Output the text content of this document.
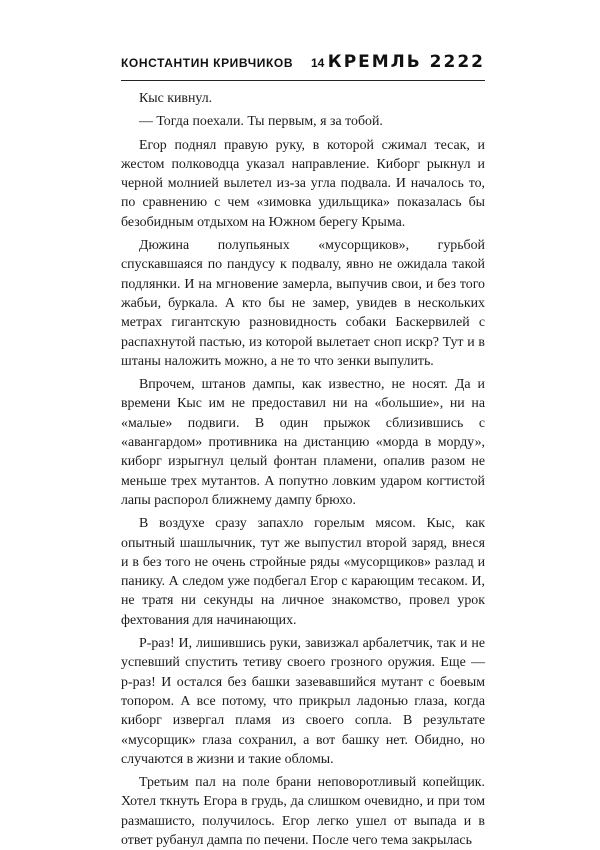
КОНСТАНТИН КРИВЧИКОВ 14 КРЕМЛЬ 2222

Кыс кивнул.

— Тогда поехали. Ты первым, я за тобой.

Егор поднял правую руку, в которой сжимал тесак, и жестом полководца указал направление. Киборг рыкнул и черной молнией вылетел из-за угла подвала. И началось то, по сравнению с чем «зимовка удильщика» показалась бы безобидным отдыхом на Южном берегу Крыма.

Дюжина полупьяных «мусорщиков», гурьбой спускавшаяся по пандусу к подвалу, явно не ожидала такой подлянки. И на мгновение замерла, выпучив свои, и без того жабьи, буркала. А кто бы не замер, увидев в нескольких метрах гигантскую разновидность собаки Баскервилей с распахнутой пастью, из которой вылетает сноп искр? Тут и в штаны наложить можно, а не то что зенки выпулить.

Впрочем, штанов дампы, как известно, не носят. Да и времени Кыс им не предоставил ни на «большие», ни на «малые» подвиги. В один прыжок сблизившись с «авангардом» противника на дистанцию «морда в морду», киборг изрыгнул целый фонтан пламени, опалив разом не меньше трех мутантов. А попутно ловким ударом когтистой лапы распорол ближнему дампу брюхо.

В воздухе сразу запахло горелым мясом. Кыс, как опытный шашлычник, тут же выпустил второй заряд, внеся и в без того не очень стройные ряды «мусорщиков» разлад и панику. А следом уже подбегал Егор с карающим тесаком. И, не тратя ни секунды на личное знакомство, провел урок фехтования для начинающих.

Р-раз! И, лишившись руки, завизжал арбалетчик, так и не успевший спустить тетиву своего грозного оружия. Еще — р-раз! И остался без башки зазевавшийся мутант с боевым топором. А все потому, что прикрыл ладонью глаза, когда киборг извергал пламя из своего сопла. В результате «мусорщик» глаза сохранил, а вот башку нет. Обидно, но случаются в жизни и такие обломы.

Третьим пал на поле брани неповоротливый копейщик. Хотел ткнуть Егора в грудь, да слишком очевидно, и при том размашисто, получилось. Егор легко ушел от выпада и в ответ рубанул дампа по печени. После чего тема закрылась
